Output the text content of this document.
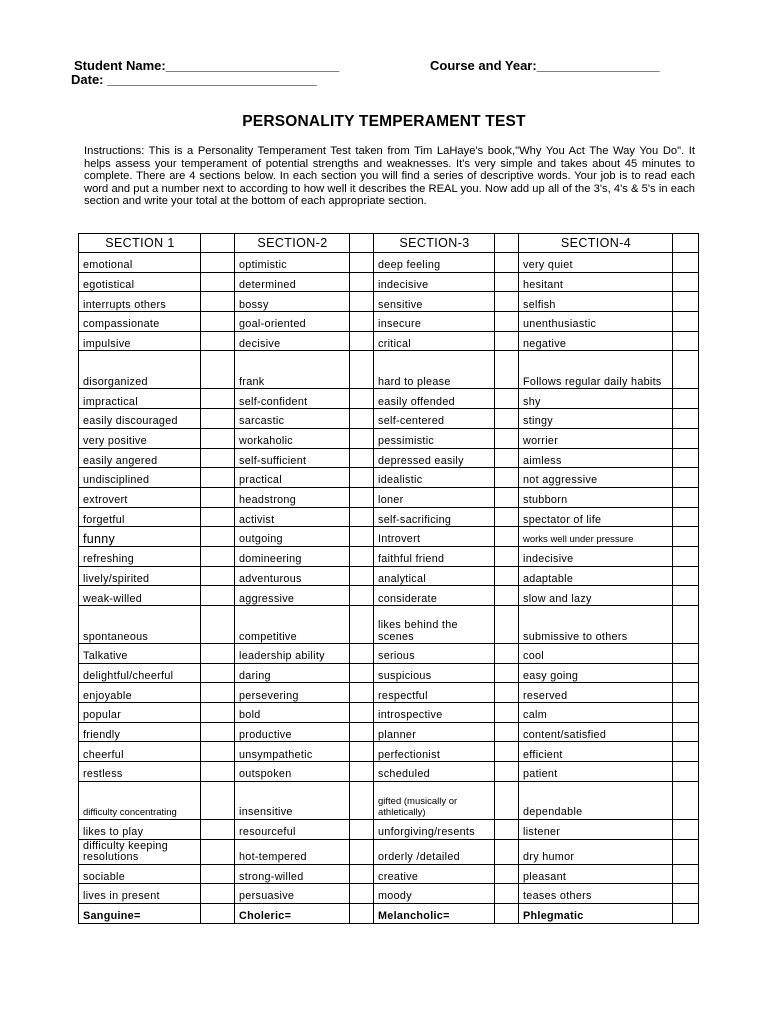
Student Name:________________________	Course and Year:_________________
Date: _____________________________
PERSONALITY TEMPERAMENT TEST
Instructions: This is a Personality Temperament Test taken from Tim LaHaye's book,"Why You Act The Way You Do". It helps assess your temperament of potential strengths and weaknesses. It's very simple and takes about 45 minutes to complete. There are 4 sections below. In each section you will find a series of descriptive words. Your job is to read each word and put a number next to according to how well it describes the REAL you. Now add up all of the 3's, 4's & 5's in each section and write your total at the bottom of each appropriate section.
SECTION 1		SECTION-2		SECTION-3		SECTION-4	
emotional		optimistic		deep feeling		very quiet	
egotistical		determined		indecisive		hesitant	
interrupts others		bossy		sensitive		selfish	
compassionate		goal-oriented		insecure		unenthusiastic	
impulsive		decisive		critical		negative	
disorganized		frank		hard to please		Follows regular daily habits	
impractical		self-confident		easily offended		shy	
easily discouraged		sarcastic		self-centered		stingy	
very positive		workaholic		pessimistic		worrier	
easily angered		self-sufficient		depressed easily		aimless	
undisciplined		practical		idealistic		not aggressive	
extrovert		headstrong		loner		stubborn	
forgetful		activist		self-sacrificing		spectator of life	
funny		outgoing		Introvert		works well under pressure	
refreshing		domineering		faithful friend		indecisive	
lively/spirited		adventurous		analytical		adaptable	
weak-willed		aggressive		considerate		slow and lazy	
spontaneous		competitive		likes behind the scenes		submissive to others	
Talkative		leadership ability		serious		cool	
delightful/cheerful		daring		suspicious		easy going	
enjoyable		persevering		respectful		reserved	
popular		bold		introspective		calm	
friendly		productive		planner		content/satisfied	
cheerful		unsympathetic		perfectionist		efficient	
restless		outspoken		scheduled		patient	
difficulty concentrating		insensitive		gifted (musically or athletically)		dependable	
likes to play		resourceful		unforgiving/resents		listener	
difficulty keeping resolutions		hot-tempered		orderly /detailed		dry humor	
sociable		strong-willed		creative		pleasant	
lives in present		persuasive		moody		teases others	
Sanguine=		Choleric=		Melancholic=		Phlegmatic	
